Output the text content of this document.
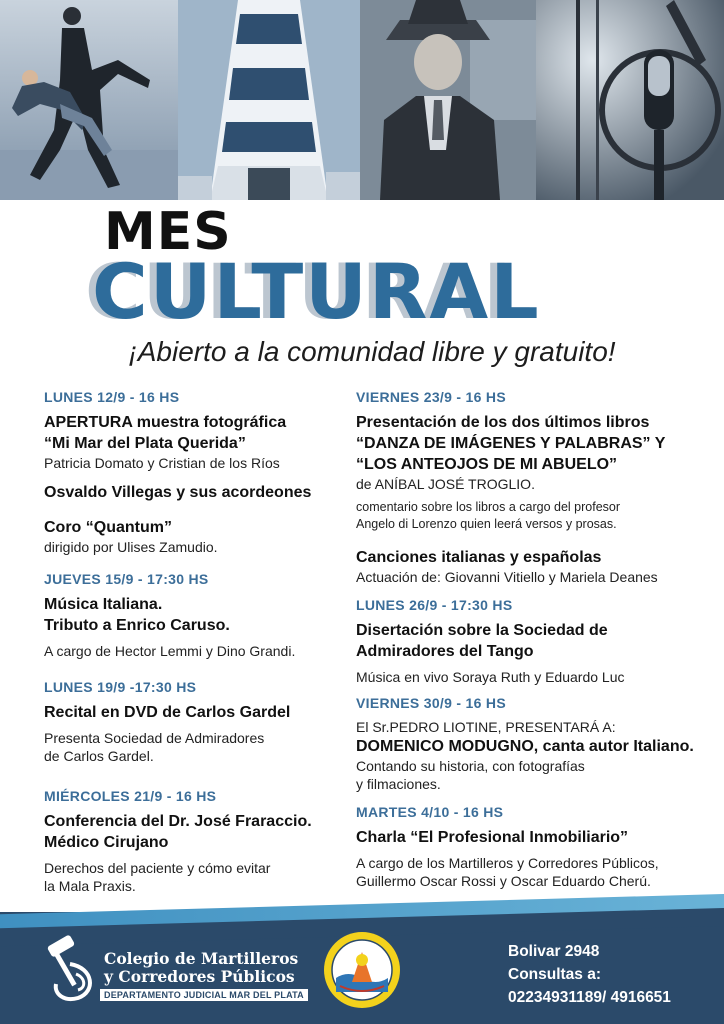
MES
CULTURAL
¡Abierto a la comunidad libre y gratuito!

LUNES 12/9 - 16 HS

APERTURA muestra fotográfica

“Mi Mar del Plata Querida”

Patricia Domato y Cristian de los Ríos

Osvaldo Villegas y sus acordeones

Coro “Quantum”

dirigido por Ulises Zamudio.

JUEVES 15/9 - 17:30 HS

Música Italiana.

Tributo a Enrico Caruso.

A cargo de Hector Lemmi y Dino Grandi.

LUNES 19/9 -17:30 HS

Recital en DVD de Carlos Gardel

Presenta Sociedad de Admiradores

de Carlos Gardel.

MIÉRCOLES 21/9 - 16 HS

Conferencia del Dr. José Fraraccio.

Médico Cirujano

Derechos del paciente y cómo evitar

la Mala Praxis.

VIERNES 23/9 - 16 HS

Presentación de los dos últimos libros

“DANZA DE IMÁGENES Y PALABRAS” Y

“LOS ANTEOJOS DE MI ABUELO”

de ANÍBAL JOSÉ TROGLIO.

comentario sobre los libros a cargo del profesor

Angelo di Lorenzo quien leerá versos y prosas.

Canciones italianas y españolas

Actuación de: Giovanni Vitiello y Mariela Deanes

LUNES 26/9 - 17:30 HS

Disertación sobre la Sociedad de

Admiradores del Tango

Música en vivo Soraya Ruth y Eduardo Luc

VIERNES 30/9 - 16 HS

El Sr.PEDRO LIOTINE, PRESENTARÁ A:

DOMENICO MODUGNO, canta autor Italiano.

Contando su historia, con fotografías

y filmaciones.

MARTES 4/10 - 16 HS

Charla “El Profesional Inmobiliario”

A cargo de los Martilleros y Corredores Públicos,

Guillermo Oscar Rossi y Oscar Eduardo Cherú.

Colegio de Martilleros
y Corredores Públicos
DEPARTAMENTO JUDICIAL MAR DEL PLATA
Bolivar 2948
Consultas a:
02234931189/ 4916651
